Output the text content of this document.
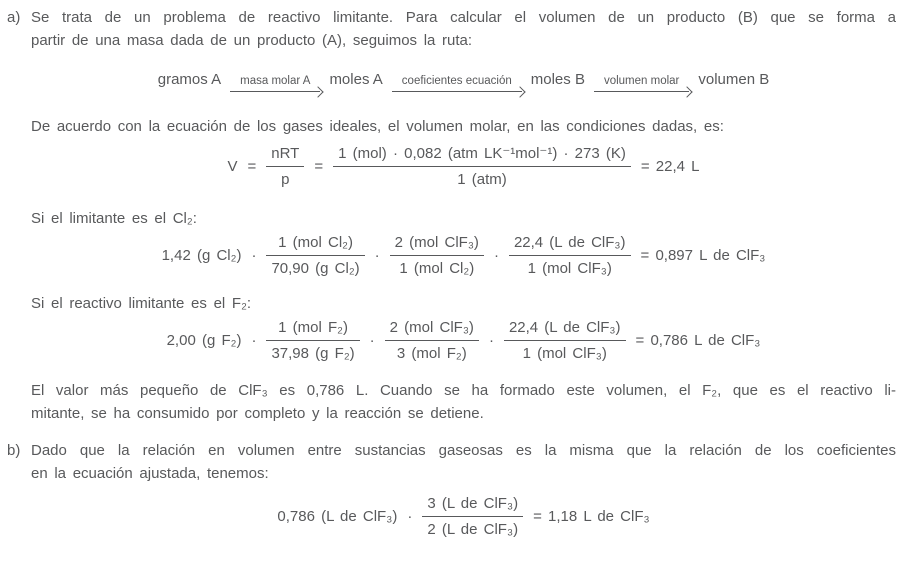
a) Se trata de un problema de reactivo limitante. Para calcular el volumen de un producto (B) que se forma a
partir de una masa dada de un producto (A), seguimos la ruta:
gramos A	masa molar A	moles A	coeficientes ecuación	moles B	volumen molar	volumen B
De acuerdo con la ecuación de los gases ideales, el volumen molar, en las condiciones dadas, es:
$V = \frac{\text{nRT}}{p} = \frac{\text{1 (mol) · 0,082 (atm LK⁻¹mol⁻¹) · 273 (K)}}{\text{1 (atm)}} = 22,4$ L
Si el limitante es el Cl₂:
1,42 (g $Cl_2) \cdot \frac{\text{1 (mol Cl₂)}}{\text{70,90 (g Cl₂)}} \cdot \frac{\text{2 (mol ClF₃)}}{\text{1 (mol Cl₂)}} \cdot \frac{\text{22,4 (L de ClF₃)}}{\text{1 (mol ClF₃)}} = 0,897$ L de ClF₃
Si el reactivo limitante es el F₂:
2,00 (g $F_2) \cdot \frac{\text{1 (mol F₂)}}{\text{37,98 (g F₂)}} \cdot \frac{\text{2 (mol ClF₃)}}{\text{3 (mol F₂)}} \cdot \frac{\text{22,4 (L de ClF₃)}}{\text{1 (mol ClF₃)}} = 0,786$ L de ClF₃
El valor más pequeño de ClF₃ es 0,786 L. Cuando se ha formado este volumen, el F₂, que es el reactivo li-
mitante, se ha consumido por completo y la reacción se detiene.
b) Dado que la relación en volumen entre sustancias gaseosas es la misma que la relación de los coeficientes
en la ecuación ajustada, tenemos:
0,786 (L de $ClF_3) \cdot \frac{\text{3 (L de ClF₃)}}{\text{2 (L de ClF₃)}} = 1,18$ L de ClF₃
